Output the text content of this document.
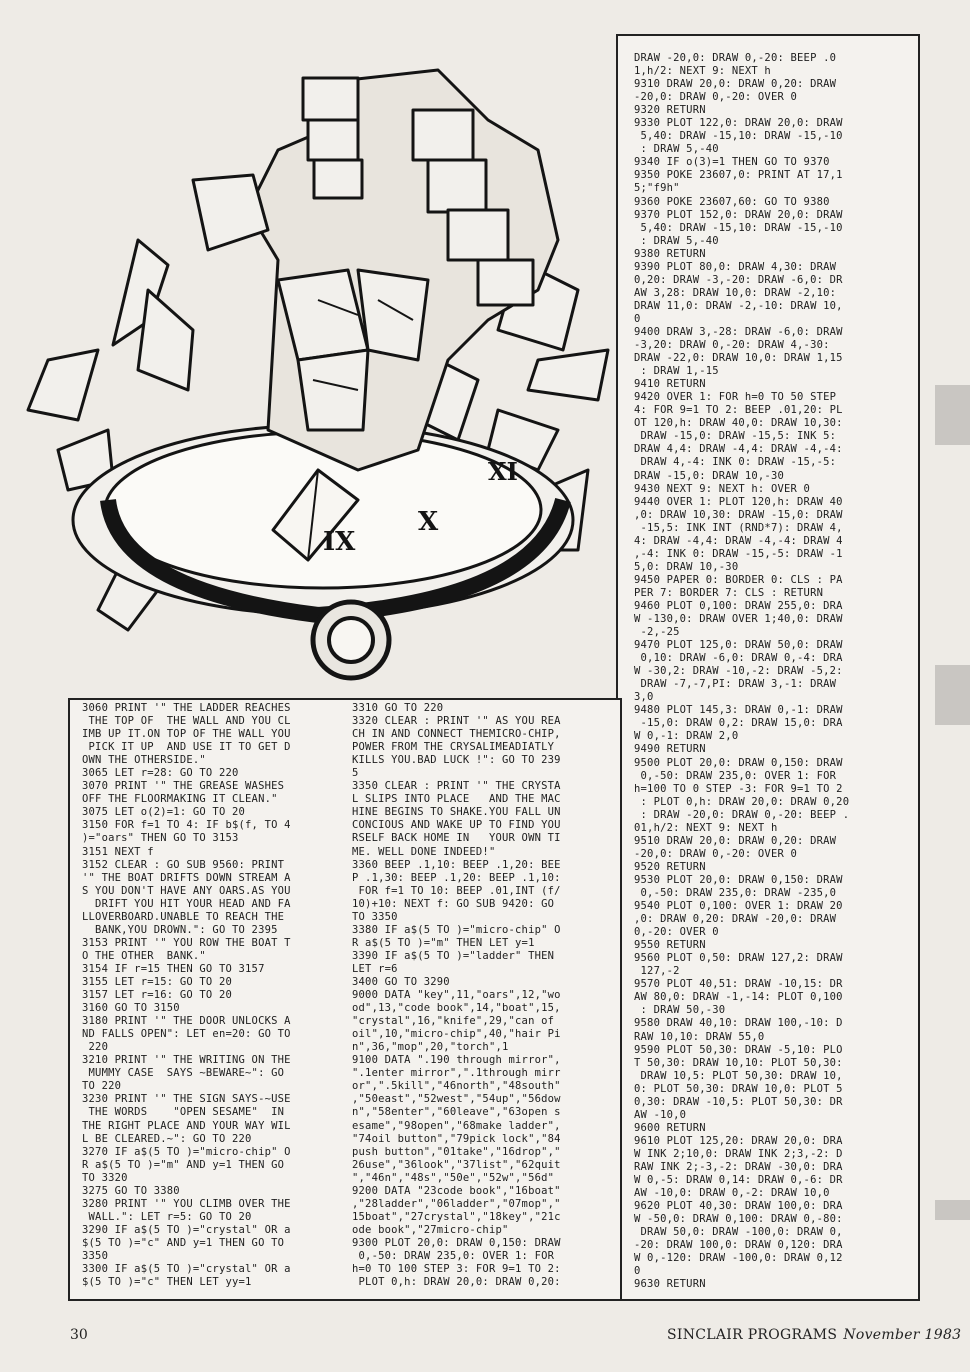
IX
X
XI
DRAW -20,0: DRAW 0,-20: BEEP .0
1,h/2: NEXT 9: NEXT h
9310 DRAW 20,0: DRAW 0,20: DRAW
-20,0: DRAW 0,-20: OVER 0
9320 RETURN
9330 PLOT 122,0: DRAW 20,0: DRAW
5,40: DRAW -15,10: DRAW -15,-10
: DRAW 5,-40
9340 IF o(3)=1 THEN GO TO 9370
9350 POKE 23607,0: PRINT AT 17,1
5;"f9h"
9360 POKE 23607,60: GO TO 9380
9370 PLOT 152,0: DRAW 20,0: DRAW
5,40: DRAW -15,10: DRAW -15,-10
: DRAW 5,-40
9380 RETURN
9390 PLOT 80,0: DRAW 4,30: DRAW
0,20: DRAW -3,-20: DRAW -6,0: DR
AW 3,28: DRAW 10,0: DRAW -2,10:
DRAW 11,0: DRAW -2,-10: DRAW 10,
0
9400 DRAW 3,-28: DRAW -6,0: DRAW
-3,20: DRAW 0,-20: DRAW 4,-30:
DRAW -22,0: DRAW 10,0: DRAW 1,15
: DRAW 1,-15
9410 RETURN
9420 OVER 1: FOR h=0 TO 50 STEP
4: FOR 9=1 TO 2: BEEP .01,20: PL
OT 120,h: DRAW 40,0: DRAW 10,30:
DRAW -15,0: DRAW -15,5: INK 5:
DRAW 4,4: DRAW -4,4: DRAW -4,-4:
DRAW 4,-4: INK 0: DRAW -15,-5:
DRAW -15,0: DRAW 10,-30
9430 NEXT 9: NEXT h: OVER 0
9440 OVER 1: PLOT 120,h: DRAW 40
,0: DRAW 10,30: DRAW -15,0: DRAW
-15,5: INK INT (RND*7): DRAW 4,
4: DRAW -4,4: DRAW -4,-4: DRAW 4
,-4: INK 0: DRAW -15,-5: DRAW -1
5,0: DRAW 10,-30
9450 PAPER 0: BORDER 0: CLS : PA
PER 7: BORDER 7: CLS : RETURN
9460 PLOT 0,100: DRAW 255,0: DRA
W -130,0: DRAW OVER 1;40,0: DRAW
-2,-25
9470 PLOT 125,0: DRAW 50,0: DRAW
0,10: DRAW -6,0: DRAW 0,-4: DRA
W -30,2: DRAW -10,-2: DRAW -5,2:
DRAW -7,-7,PI: DRAW 3,-1: DRAW
3,0
9480 PLOT 145,3: DRAW 0,-1: DRAW
-15,0: DRAW 0,2: DRAW 15,0: DRA
W 0,-1: DRAW 2,0
9490 RETURN
9500 PLOT 20,0: DRAW 0,150: DRAW
0,-50: DRAW 235,0: OVER 1: FOR
h=100 TO 0 STEP -3: FOR 9=1 TO 2
: PLOT 0,h: DRAW 20,0: DRAW 0,20
: DRAW -20,0: DRAW 0,-20: BEEP .
01,h/2: NEXT 9: NEXT h
9510 DRAW 20,0: DRAW 0,20: DRAW
-20,0: DRAW 0,-20: OVER 0
9520 RETURN
9530 PLOT 20,0: DRAW 0,150: DRAW
0,-50: DRAW 235,0: DRAW -235,0
9540 PLOT 0,100: OVER 1: DRAW 20
,0: DRAW 0,20: DRAW -20,0: DRAW
0,-20: OVER 0
9550 RETURN
9560 PLOT 0,50: DRAW 127,2: DRAW
127,-2
9570 PLOT 40,51: DRAW -10,15: DR
AW 80,0: DRAW -1,-14: PLOT 0,100
: DRAW 50,-30
9580 DRAW 40,10: DRAW 100,-10: D
RAW 10,10: DRAW 55,0
9590 PLOT 50,30: DRAW -5,10: PLO
T 50,30: DRAW 10,10: PLOT 50,30:
DRAW 10,5: PLOT 50,30: DRAW 10,
0: PLOT 50,30: DRAW 10,0: PLOT 5
0,30: DRAW -10,5: PLOT 50,30: DR
AW -10,0
9600 RETURN
9610 PLOT 125,20: DRAW 20,0: DRA
W INK 2;10,0: DRAW INK 2;3,-2: D
RAW INK 2;-3,-2: DRAW -30,0: DRA
W 0,-5: DRAW 0,14: DRAW 0,-6: DR
AW -10,0: DRAW 0,-2: DRAW 10,0
9620 PLOT 40,30: DRAW 100,0: DRA
W -50,0: DRAW 0,100: DRAW 0,-80:
DRAW 50,0: DRAW -100,0: DRAW 0,
-20: DRAW 100,0: DRAW 0,120: DRA
W 0,-120: DRAW -100,0: DRAW 0,12
0
9630 RETURN
3060 PRINT '" THE LADDER REACHES
THE TOP OF  THE WALL AND YOU CL
IMB UP IT.ON TOP OF THE WALL YOU
PICK IT UP  AND USE IT TO GET D
OWN THE OTHERSIDE."
3065 LET r=28: GO TO 220
3070 PRINT '" THE GREASE WASHES
OFF THE FLOORMAKING IT CLEAN."
3075 LET o(2)=1: GO TO 20
3150 FOR f=1 TO 4: IF b$(f, TO 4
)="oars" THEN GO TO 3153
3151 NEXT f
3152 CLEAR : GO SUB 9560: PRINT
'" THE BOAT DRIFTS DOWN STREAM A
S YOU DON'T HAVE ANY OARS.AS YOU
DRIFT YOU HIT YOUR HEAD AND FA
LLOVERBOARD.UNABLE TO REACH THE
BANK,YOU DROWN.": GO TO 2395
3153 PRINT '" YOU ROW THE BOAT T
O THE OTHER  BANK."
3154 IF r=15 THEN GO TO 3157
3155 LET r=15: GO TO 20
3157 LET r=16: GO TO 20
3160 GO TO 3150
3180 PRINT '" THE DOOR UNLOCKS A
ND FALLS OPEN": LET en=20: GO TO
220
3210 PRINT '" THE WRITING ON THE
MUMMY CASE  SAYS ~BEWARE~": GO
TO 220
3230 PRINT '" THE SIGN SAYS-~USE
THE WORDS    "OPEN SESAME"  IN
THE RIGHT PLACE AND YOUR WAY WIL
L BE CLEARED.~": GO TO 220
3270 IF a$(5 TO )="micro-chip" O
R a$(5 TO )="m" AND y=1 THEN GO
TO 3320
3275 GO TO 3380
3280 PRINT '" YOU CLIMB OVER THE
WALL.": LET r=5: GO TO 20
3290 IF a$(5 TO )="crystal" OR a
$(5 TO )="c" AND y=1 THEN GO TO
3350
3300 IF a$(5 TO )="crystal" OR a
$(5 TO )="c" THEN LET yy=1
3310 GO TO 220
3320 CLEAR : PRINT '" AS YOU REA
CH IN AND CONNECT THEMICRO-CHIP,
POWER FROM THE CRYSALIMEADIATLY
KILLS YOU.BAD LUCK !": GO TO 239
5
3350 CLEAR : PRINT '" THE CRYSTA
L SLIPS INTO PLACE   AND THE MAC
HINE BEGINS TO SHAKE.YOU FALL UN
CONCIOUS AND WAKE UP TO FIND YOU
RSELF BACK HOME IN   YOUR OWN TI
ME. WELL DONE INDEED!"
3360 BEEP .1,10: BEEP .1,20: BEE
P .1,30: BEEP .1,20: BEEP .1,10:
FOR f=1 TO 10: BEEP .01,INT (f/
10)+10: NEXT f: GO SUB 9420: GO
TO 3350
3380 IF a$(5 TO )="micro-chip" O
R a$(5 TO )="m" THEN LET y=1
3390 IF a$(5 TO )="ladder" THEN
LET r=6
3400 GO TO 3290
9000 DATA "key",11,"oars",12,"wo
od",13,"code book",14,"boat",15,
"crystal",16,"knife",29,"can of
oil",10,"micro-chip",40,"hair Pi
n",36,"mop",20,"torch",1
9100 DATA ".190 through mirror",
".1enter mirror",".1through mirr
or",".5kill","46north","48south"
,"50east","52west","54up","56dow
n","58enter","60leave","63open s
esame","98open","68make ladder",
"74oil button","79pick lock","84
push button","01take","16drop","
26use","36look","37list","62quit
","46n","48s","50e","52w","56d"
9200 DATA "23code book","16boat"
,"28ladder","06ladder","07mop","
15boat","27crystal","18key","21c
ode book","27micro-chip"
9300 PLOT 20,0: DRAW 0,150: DRAW
0,-50: DRAW 235,0: OVER 1: FOR
h=0 TO 100 STEP 3: FOR 9=1 TO 2:
PLOT 0,h: DRAW 20,0: DRAW 0,20:
30	SINCLAIR PROGRAMS November 1983
